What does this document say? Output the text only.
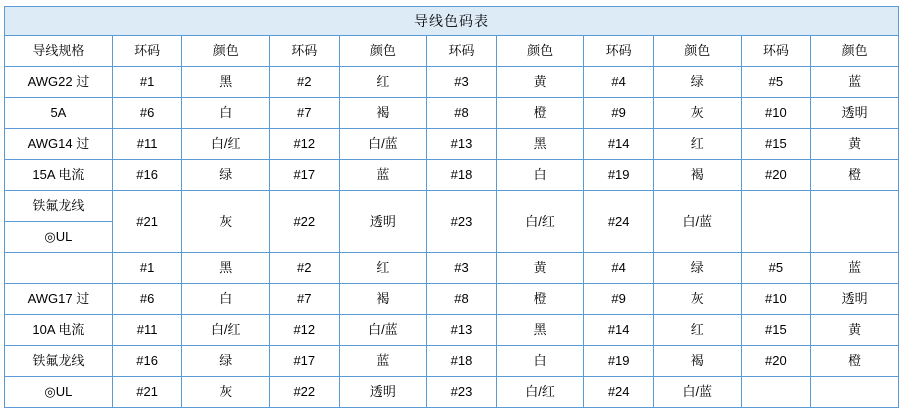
导线色码表										
导线规格	环码	颜色	环码	颜色	环码	颜色	环码	颜色	环码	颜色
AWG22 过	#1	黑	#2	红	#3	黄	#4	绿	#5	蓝
5A	#6	白	#7	褐	#8	橙	#9	灰	#10	透明
AWG14 过	#11	白/红	#12	白/蓝	#13	黑	#14	红	#15	黄
15A 电流	#16	绿	#17	蓝	#18	白	#19	褐	#20	橙
铁氟龙线	#21	灰	#22	透明	#23	白/红	#24	白/蓝		
◎UL										
	#1	黑	#2	红	#3	黄	#4	绿	#5	蓝
AWG17 过	#6	白	#7	褐	#8	橙	#9	灰	#10	透明
10A 电流	#11	白/红	#12	白/蓝	#13	黑	#14	红	#15	黄
铁氟龙线	#16	绿	#17	蓝	#18	白	#19	褐	#20	橙
◎UL	#21	灰	#22	透明	#23	白/红	#24	白/蓝		
